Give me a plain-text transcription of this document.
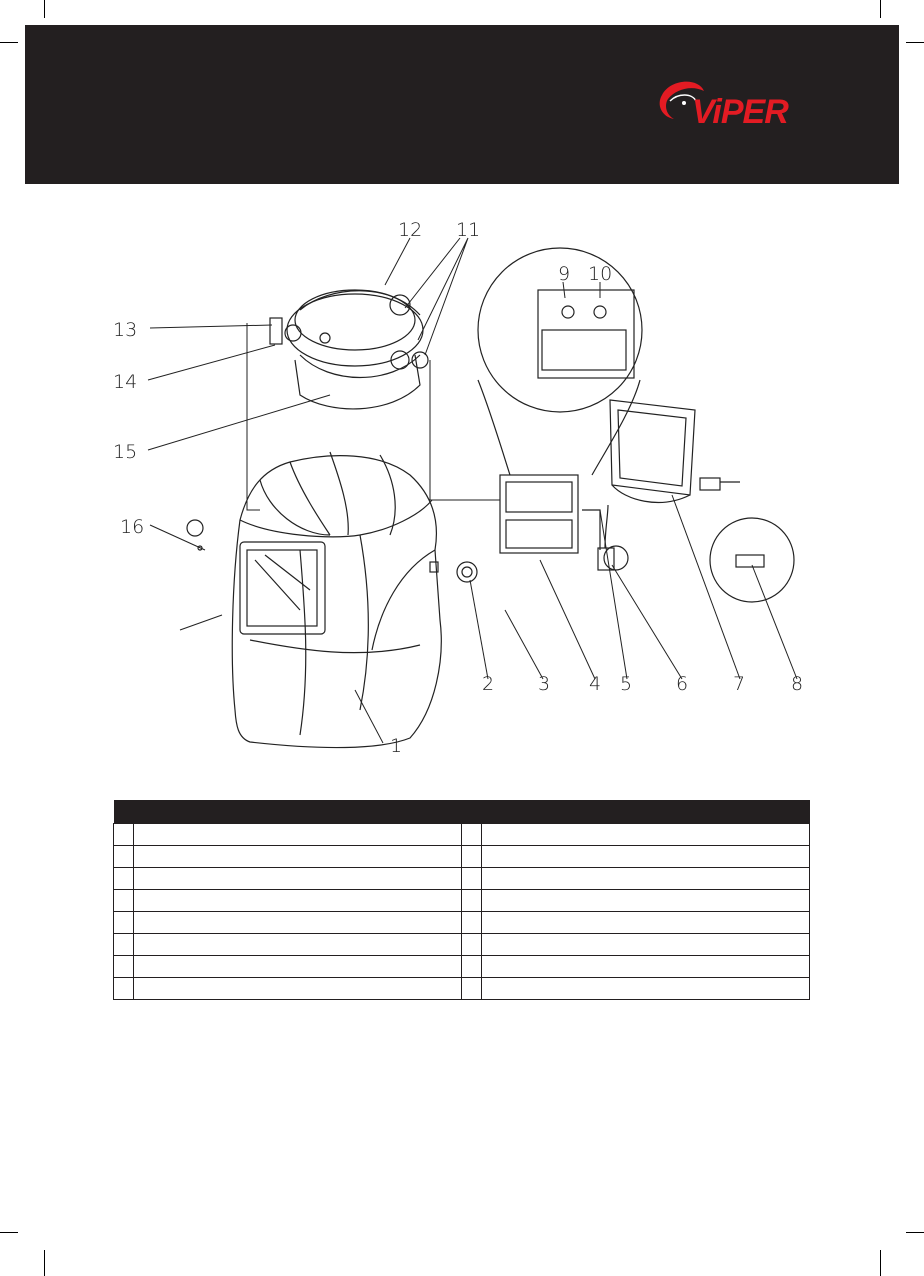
ViPER
1
2 3 4 5 6 7 8
9 10
11
12
13
14
15
16
